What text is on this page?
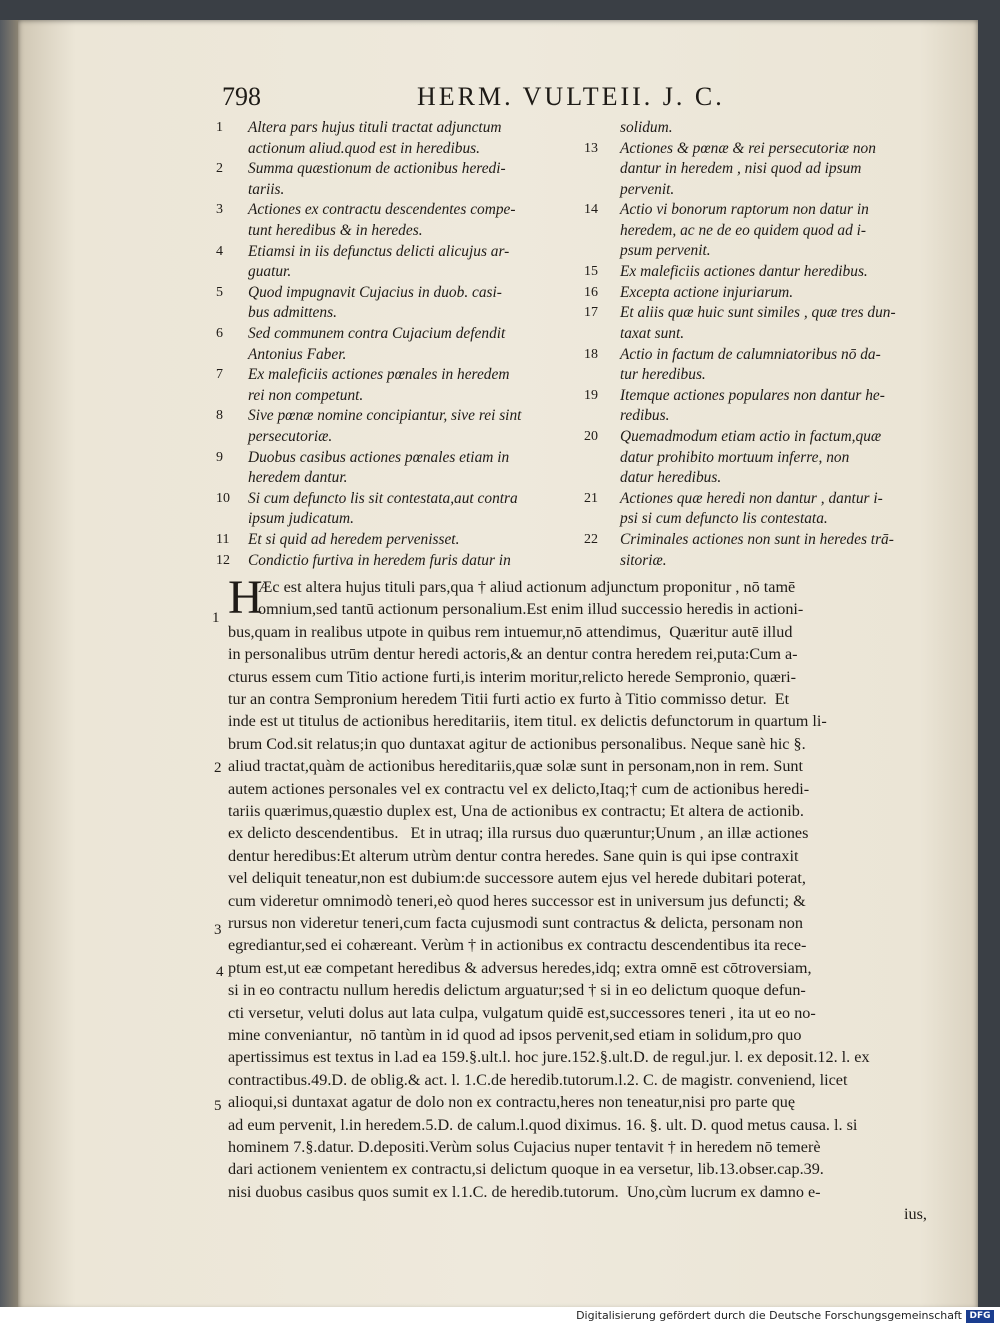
798	HERM. VULTEII. J. C.
1	Altera pars hujus tituli tractat adjunctum
actionum aliud.quod est in heredibus.
2	Summa quæstionum de actionibus heredi-
tariis.
3	Actiones ex contractu descendentes compe-
tunt heredibus & in heredes.
4	Etiamsi in iis defunctus delicti alicujus ar-
guatur.
5	Quod impugnavit Cujacius in duob. casi-
bus admittens.
6	Sed communem contra Cujacium defendit
Antonius Faber.
7	Ex maleficiis actiones pœnales in heredem
rei non competunt.
8	Sive pœnæ nomine concipiantur, sive rei sint
persecutoriæ.
9	Duobus casibus actiones pœnales etiam in
heredem dantur.
10	Si cum defuncto lis sit contestata,aut contra
ipsum judicatum.
11	Et si quid ad heredem pervenisset.
12	Condictio furtiva in heredem furis datur in
solidum.
13	Actiones & pœnæ & rei persecutoriæ non
dantur in heredem , nisi quod ad ipsum
pervenit.
14	Actio vi bonorum raptorum non datur in
heredem, ac ne de eo quidem quod ad i-
psum pervenit.
15	Ex maleficiis actiones dantur heredibus.
16	Excepta actione injuriarum.
17	Et aliis quæ huic sunt similes , quæ tres dun-
taxat sunt.
18	Actio in factum de calumniatoribus nō da-
tur heredibus.
19	Itemque actiones populares non dantur he-
redibus.
20	Quemadmodum etiam actio in factum,quæ
datur prohibito mortuum inferre, non
datur heredibus.
21	Actiones quæ heredi non dantur , dantur i-
psi si cum defuncto lis contestata.
22	Criminales actiones non sunt in heredes trā-
sitoriæ.
H
Æc est altera hujus tituli pars,qua † aliud actionum adjunctum proponitur , nō tamē
omnium,sed tantū actionum personalium.Est enim illud successio heredis in actioni-
bus,quam in realibus utpote in quibus rem intuemur,nō attendimus,  Quæritur autē illud
in personalibus utrūm dentur heredi actoris,& an dentur contra heredem rei,puta:Cum a-
cturus essem cum Titio actione furti,is interim moritur,relicto herede Sempronio, quæri-
tur an contra Sempronium heredem Titii furti actio ex furto à Titio commisso detur.  Et
inde est ut titulus de actionibus hereditariis, item titul. ex delictis defunctorum in quartum li-
brum Cod.sit relatus;in quo duntaxat agitur de actionibus personalibus. Neque sanè hic §.
aliud tractat,quàm de actionibus hereditariis,quæ solæ sunt in personam,non in rem. Sunt
autem actiones personales vel ex contractu vel ex delicto,Itaq;† cum de actionibus heredi-
tariis quærimus,quæstio duplex est, Una de actionibus ex contractu; Et altera de actionib.
ex delicto descendentibus.   Et in utraq; illa rursus duo quæruntur;Unum , an illæ actiones
dentur heredibus:Et alterum utrùm dentur contra heredes. Sane quin is qui ipse contraxit
vel deliquit teneatur,non est dubium:de successore autem ejus vel herede dubitari poterat,
cum videretur omnimodò teneri,eò quod heres successor est in universum jus defuncti; &
rursus non videretur teneri,cum facta cujusmodi sunt contractus & delicta, personam non
egrediantur,sed ei cohæreant. Verùm † in actionibus ex contractu descendentibus ita rece-
ptum est,ut eæ competant heredibus & adversus heredes,idq; extra omnē est cōtroversiam,
si in eo contractu nullum heredis delictum arguatur;sed † si in eo delictum quoque defun-
cti versetur, veluti dolus aut lata culpa, vulgatum quidē est,successores teneri , ita ut eo no-
mine conveniantur,  nō tantùm in id quod ad ipsos pervenit,sed etiam in solidum,pro quo
apertissimus est textus in l.ad ea 159.§.ult.l. hoc jure.152.§.ult.D. de regul.jur. l. ex deposit.12. l. ex
contractibus.49.D. de oblig.& act. l. 1.C.de heredib.tutorum.l.2. C. de magistr. conveniend, licet
alioqui,si duntaxat agatur de dolo non ex contractu,heres non teneatur,nisi pro parte quę
ad eum pervenit, l.in heredem.5.D. de calum.l.quod diximus. 16. §. ult. D. quod metus causa. l. si
hominem 7.§.datur. D.depositi.Verùm solus Cujacius nuper tentavit † in heredem nō temerè
dari actionem venientem ex contractu,si delictum quoque in ea versetur, lib.13.obser.cap.39.
nisi duobus casibus quos sumit ex l.1.C. de heredib.tutorum.  Uno,cùm lucrum ex damno e-
ius,
1
2
3
4
5
Digitalisierung gefördert durch die Deutsche Forschungsgemeinschaft DFG
